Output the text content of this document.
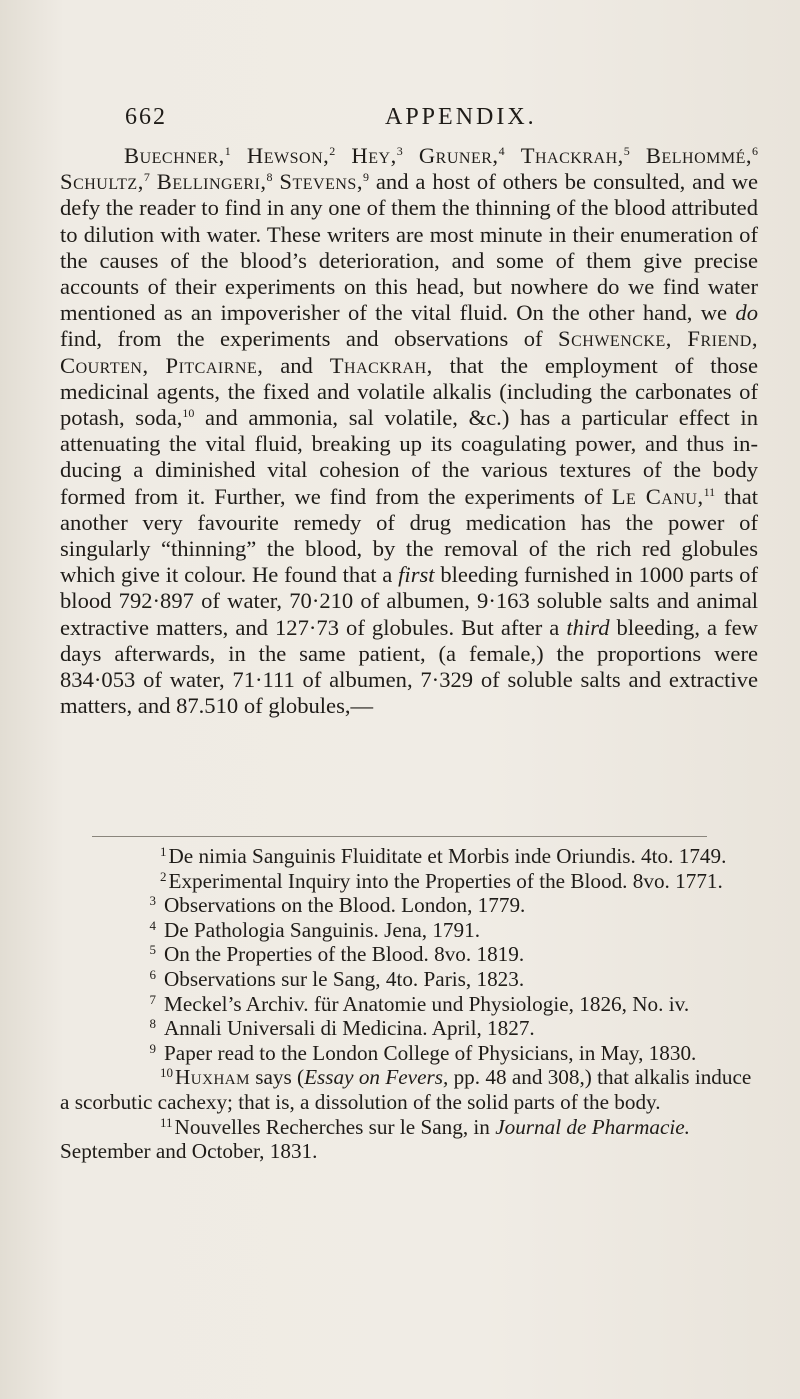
662	APPENDIX.

Buechner,$^1$ Hewson,$^2$ Hey,$^3$ Gruner,$^4$ Thackrah,$^5$ Belhommé,$^6$ Schultz,$^7$ Bellingeri,$^8$ Stevens,$^9$ and a host of others be consulted, and we defy the reader to find in any one of them the thinning of the blood attributed to dilution with water. These writers are most minute in their enumeration of the causes of the blood’s deterioration, and some of them give precise accounts of their experiments on this head, but nowhere do we find water mentioned as an impoverisher of the vital fluid. On the other hand, we do find, from the experiments and observations of Schwencke, Friend, Courten, Pitcairne, and Thackrah, that the employment of those medicinal agents, the fixed and volatile alkalis (including the carbonates of potash, soda,$^{10}$ and ammonia, sal volatile, &c.) has a particular effect in attenuating the vital fluid, breaking up its coagulating power, and thus inducing a diminished vital cohesion of the various textures of the body formed from it. Further, we find from the experiments of Le Canu,$^{11}$ that another very favourite remedy of drug medication has the power of singularly “thinning” the blood, by the removal of the rich red globules which give it colour. He found that a first bleeding furnished in 1000 parts of blood 792·897 of water, 70·210 of albumen, 9·163 soluble salts and animal extractive matters, and 127·73 of globules. But after a third bleeding, a few days afterwards, in the same patient, (a female,) the proportions were 834·053 of water, 71·111 of albumen, 7·329 of soluble salts and extractive matters, and 87.510 of globules,—

$^1$De nimia Sanguinis Fluiditate et Morbis inde Oriundis. 4to. 1749.

$^2$Experimental Inquiry into the Properties of the Blood. 8vo. 1771.

$^3$ Observations on the Blood. London, 1779.

$^4$ De Pathologia Sanguinis. Jena, 1791.

$^5$ On the Properties of the Blood. 8vo. 1819.

$^6$ Observations sur le Sang, 4to. Paris, 1823.

$^7$ Meckel’s Archiv. für Anatomie und Physiologie, 1826, No. iv.

$^8$ Annali Universali di Medicina. April, 1827.

$^9$ Paper read to the London College of Physicians, in May, 1830.

$^{10}$Huxham says (Essay on Fevers, pp. 48 and 308,) that alkalis induce a scorbutic cachexy; that is, a dissolution of the solid parts of the body.

$^{11}$Nouvelles Recherches sur le Sang, in Journal de Pharmacie. September and October, 1831.
